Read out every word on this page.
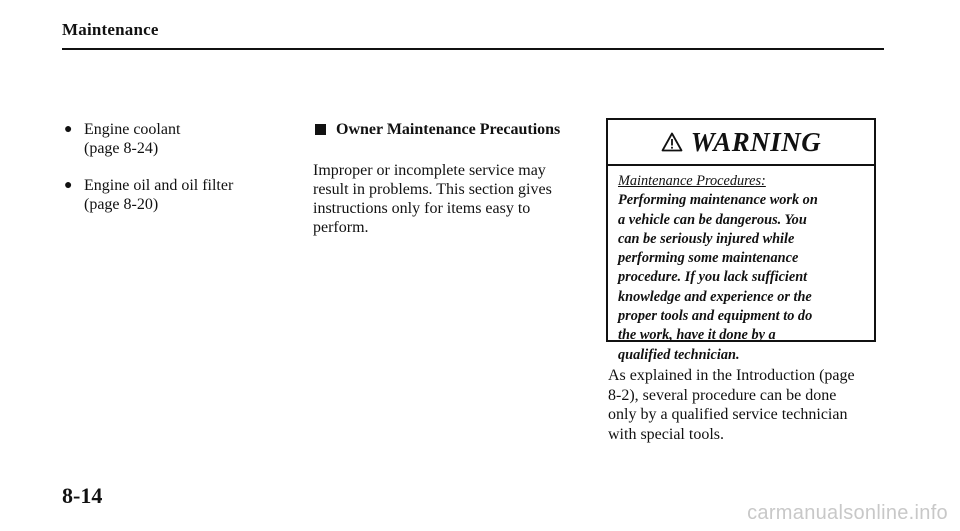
Maintenance
● Engine coolant
(page 8-24)
● Engine oil and oil filter
(page 8-20)
Owner Maintenance Precautions
Improper or incomplete service may
result in problems. This section gives
instructions only for items easy to
perform.
WARNING
Maintenance Procedures:
Performing maintenance work on
a vehicle can be dangerous. You
can be seriously injured while
performing some maintenance
procedure. If you lack sufficient
knowledge and experience or the
proper tools and equipment to do
the work, have it done by a
qualified technician.
As explained in the Introduction (page
8-2), several procedure can be done
only by a qualified service technician
with special tools.
8-14
carmanualsonline.info
